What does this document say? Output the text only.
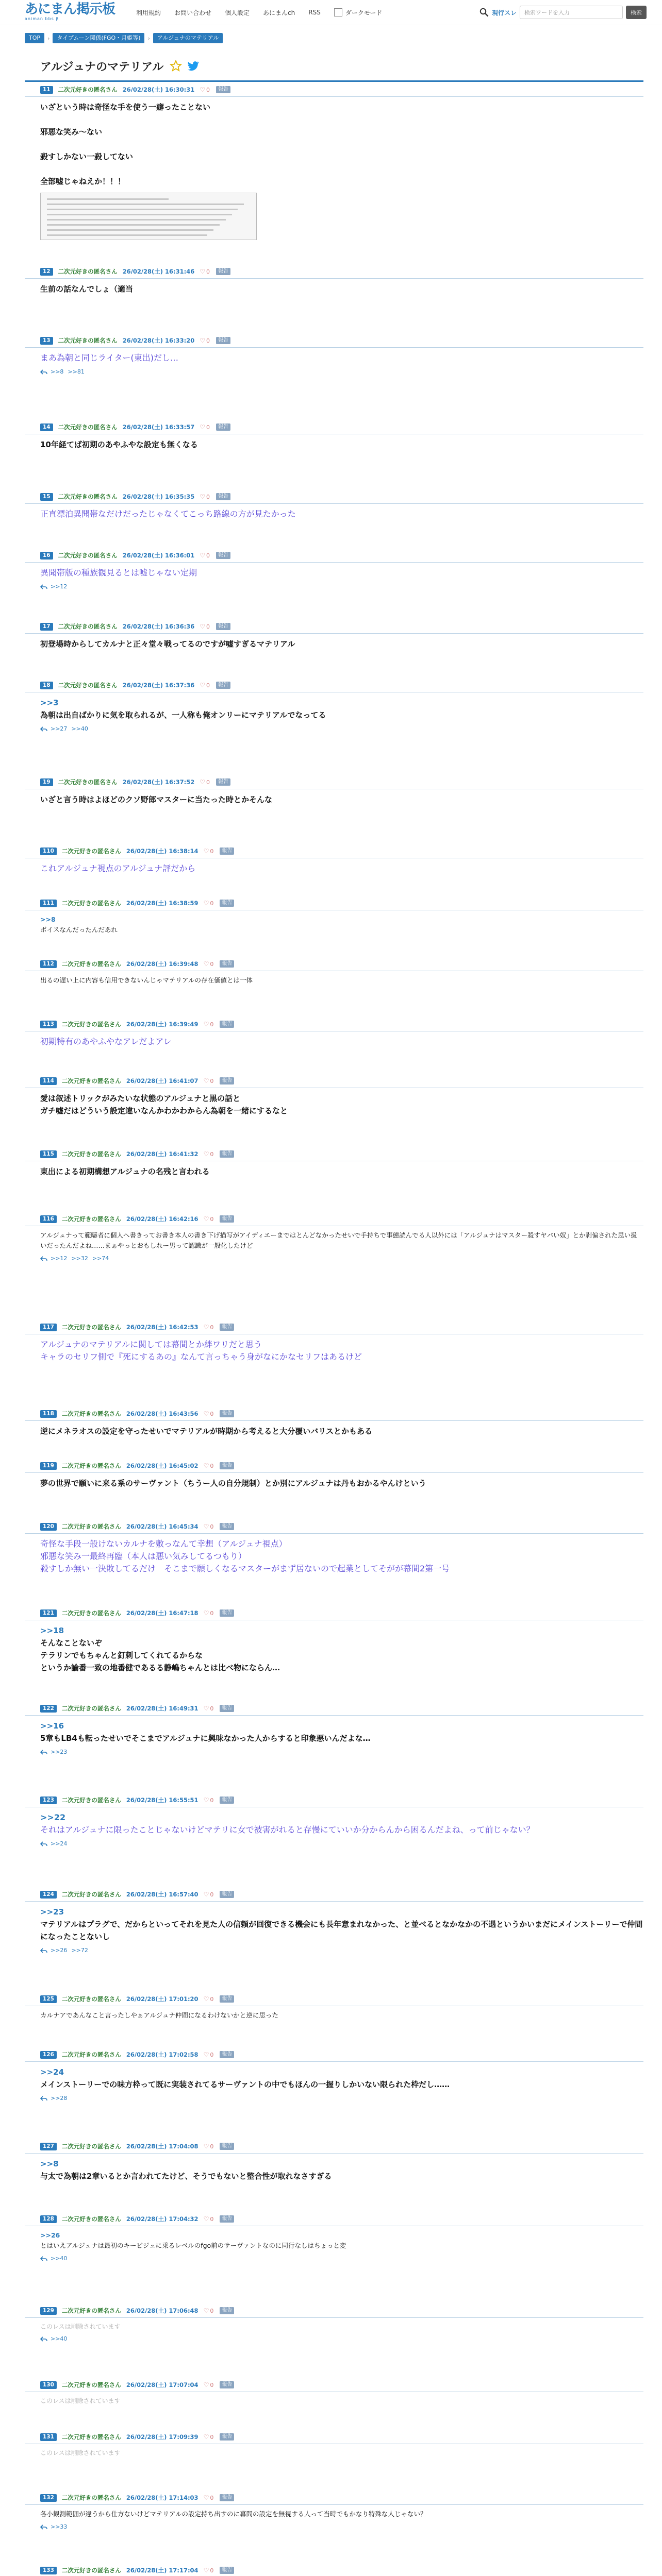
あにまん掲示板
animan bbs β
利用規約 お問い合わせ 個人設定 あにまんch RSS	ダークモード	現行スレ	検索ワードを入力	検索
TOP	›	タイプムーン関係(FGO・月姫等)	›	アルジュナのマテリアル
アルジュナのマテリアル
11	二次元好きの匿名さん 26/02/28(土) 16:30:31 ♡ 0	報告
いざという時は奇怪な手を使う一癖ったことない

邪悪な笑み～ない

殺すしかない一殺してない

全部嘘じゃねえか！！！
12	二次元好きの匿名さん 26/02/28(土) 16:31:46 ♡ 0	報告
生前の話なんでしょ（適当
13	二次元好きの匿名さん 26/02/28(土) 16:33:20 ♡ 0	報告
まあ為朝と同じライター(東出)だし…
>>8 >>81
14	二次元好きの匿名さん 26/02/28(土) 16:33:57 ♡ 0	報告
10年経てば初期のあやふやな設定も無くなる
15	二次元好きの匿名さん 26/02/28(土) 16:35:35 ♡ 0	報告
正直漂泊異聞帯なだけだったじゃなくてこっち路線の方が見たかった
16	二次元好きの匿名さん 26/02/28(土) 16:36:01 ♡ 0	報告
異聞帯版の種族観見るとは嘘じゃない定期
>>12
17	二次元好きの匿名さん 26/02/28(土) 16:36:36 ♡ 0	報告
初登場時からしてカルナと正々堂々戦ってるのですが嘘すぎるマテリアル
18	二次元好きの匿名さん 26/02/28(土) 16:37:36 ♡ 0	報告
>>3
為朝は出自ばかりに気を取られるが、一人称も俺オンリーにマテリアルでなってる
>>27 >>40
19	二次元好きの匿名さん 26/02/28(土) 16:37:52 ♡ 0	報告
いざと言う時はよほどのクソ野郎マスターに当たった時とかそんな
110	二次元好きの匿名さん 26/02/28(土) 16:38:14 ♡ 0	報告
これアルジュナ視点のアルジュナ評だから
111	二次元好きの匿名さん 26/02/28(土) 16:38:59 ♡ 0	報告
>>8
ボイスなんだったんだあれ
112	二次元好きの匿名さん 26/02/28(土) 16:39:48 ♡ 0	報告
出るの遅い上に内容も信用できないんじゃマテリアルの存在価値とは一体
113	二次元好きの匿名さん 26/02/28(土) 16:39:49 ♡ 0	報告
初期特有のあやふやなアレだよアレ
114	二次元好きの匿名さん 26/02/28(土) 16:41:07 ♡ 0	報告
愛は叙述トリックがみたいな状態のアルジュナと黒の話と
ガチ嘘だはどういう設定違いなんかわかわからん為朝を一緒にするなと
115	二次元好きの匿名さん 26/02/28(土) 16:41:32 ♡ 0	報告
東出による初期構想アルジュナの名残と言われる
116	二次元好きの匿名さん 26/02/28(土) 16:42:16 ♡ 0	報告
アルジュナって範疇者に個人へ書きってお書き本人の書き下げ描写がアイディエーまではとんどなかったせいで手持ちで事態読んでる人以外には「アルジュナはマスター殺すヤバい奴」とか剥偏された思い扱いだったんだよね……まぁやっとおもしれー男って認識が一般化したけど
>>12 >>32 >>74
117	二次元好きの匿名さん 26/02/28(土) 16:42:53 ♡ 0	報告
アルジュナのマテリアルに関しては幕間とか絆ワリだと思う
キャラのセリフ側で『死にするあの』なんて言っちゃう身がなにかなセリフはあるけど
118	二次元好きの匿名さん 26/02/28(土) 16:43:56 ♡ 0	報告
逆にメネラオスの設定を守ったせいでマテリアルが時期から考えると大分覆いバリスとかもある
119	二次元好きの匿名さん 26/02/28(土) 16:45:02 ♡ 0	報告
夢の世界で願いに来る系のサーヴァント（ちうー人の自分規制）とか別にアルジュナは丹もおかるやんけという
120	二次元好きの匿名さん 26/02/28(土) 16:45:34 ♡ 0	報告
奇怪な手段一般けないカルナを敷っなんて幸想（アルジュナ視点）
邪悪な笑み一最終再臨（本人は悪い気みしてるつもり）
殺すしか無い一決敗してるだけ　そこまで願しくなるマスターがまず居ないので起業としてそがが幕間2第一号
121	二次元好きの匿名さん 26/02/28(土) 16:47:18 ♡ 0	報告
>>18
そんなことないぞ
テラリンでもちゃんと釘刺してくれてるからな
というか論番一致の地番健であるる静嶋ちゃんとは比べ物にならん…
122	二次元好きの匿名さん 26/02/28(土) 16:49:31 ♡ 0	報告
>>16
5章もLB4も転ったせいでそこまでアルジュナに興味なかった人からすると印象悪いんだよな…
>>23
123	二次元好きの匿名さん 26/02/28(土) 16:55:51 ♡ 0	報告
>>22
それはアルジュナに限ったことじゃないけどマテリに女で被害がれると存慢にていいか分からんから困るんだよね、って前じゃない？
>>24
124	二次元好きの匿名さん 26/02/28(土) 16:57:40 ♡ 0	報告
>>23
マテリアルはプラグで、だからといってそれを見た人の信頼が回復できる機会にも長年意まれなかった、と並べるとなかなかの不遇というかいまだにメインストーリーで仲間になったことないし
>>26 >>72
125	二次元好きの匿名さん 26/02/28(土) 17:01:20 ♡ 0	報告
カルナアであんなこと言ったしやぁアルジュナ仲間になるわけないかと逆に思った
126	二次元好きの匿名さん 26/02/28(土) 17:02:58 ♡ 0	報告
>>24
メインストーリーでの味方枠って既に実装されてるサーヴァントの中でもほんの一握りしかいない限られた枠だし……
>>28
127	二次元好きの匿名さん 26/02/28(土) 17:04:08 ♡ 0	報告
>>8
与太で為朝は2章いるとか言われてたけど、そうでもないと整合性が取れなさすぎる
128	二次元好きの匿名さん 26/02/28(土) 17:04:32 ♡ 0	報告
>>26
とはいえアルジュナは最初のキービジュに乗るレベルのfgo前のサーヴァントなのに同行なしはちょっと変
>>40
129	二次元好きの匿名さん 26/02/28(土) 17:06:48 ♡ 0	報告
このレスは削除されています
>>40
130	二次元好きの匿名さん 26/02/28(土) 17:07:04 ♡ 0	報告
このレスは削除されています
131	二次元好きの匿名さん 26/02/28(土) 17:09:39 ♡ 0	報告
このレスは削除されています
132	二次元好きの匿名さん 26/02/28(土) 17:14:03 ♡ 0	報告
各小観測範囲が違うから仕方ないけどマテリアルの設定持ち出すのに幕間の設定を無視する人って当時でもかなり特殊な人じゃない？
>>33
133	二次元好きの匿名さん 26/02/28(土) 17:17:04 ♡ 0	報告
